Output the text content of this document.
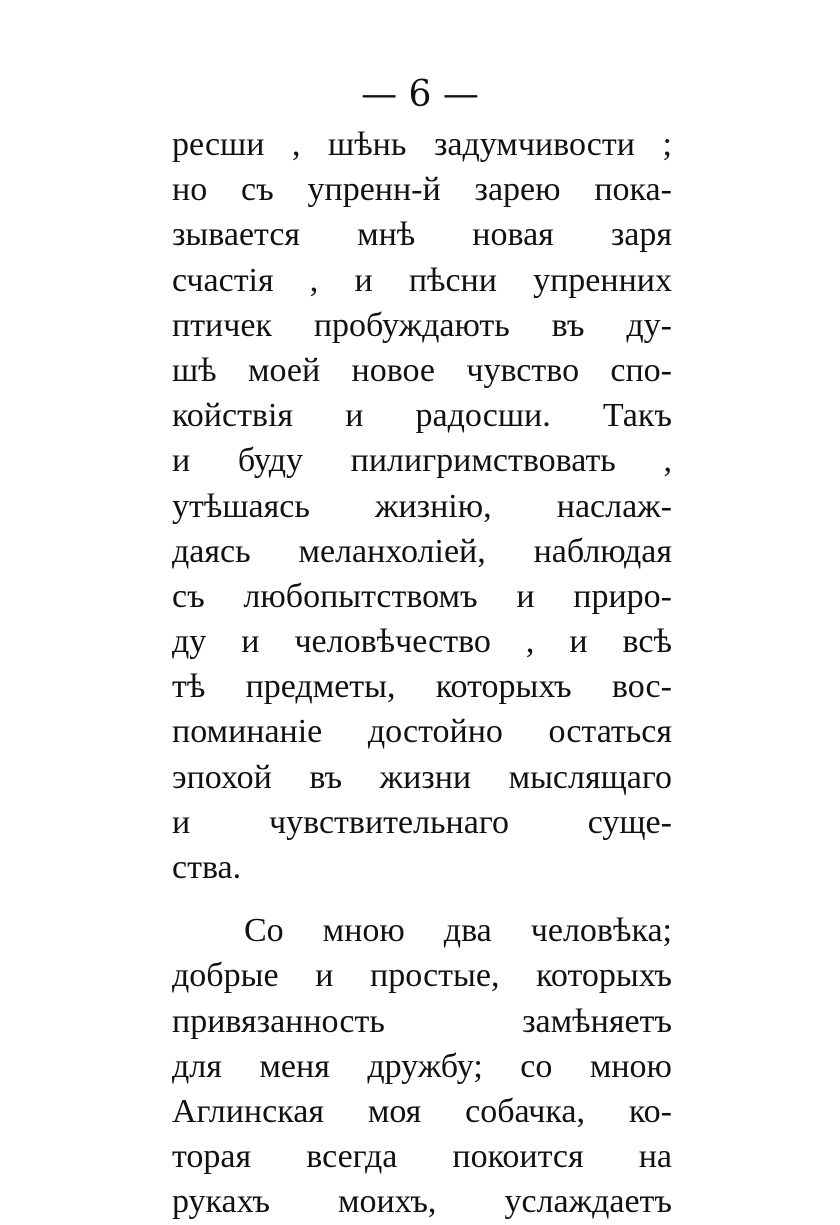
— 6 —
ресши , шѣнь задумчивости ;
но съ упренн-й зарею пока-
зывается мнѣ новая заря
счастія , и пѣсни упренних
птичек пробуждають въ ду-
шѣ моей новое чувство спо-
койствія и радосши. Такъ
и буду пилигримствовать ,
утѣшаясь жизнію, наслаж-
даясь меланхоліей, наблюдая
съ любопытствомъ и приро-
ду и человѣчество , и всѣ
тѣ предметы, которыхъ вос-
поминаніе достойно остаться
эпохой въ жизни мыслящаго
и чувствительнаго суще-
ства.
Со мною два человѣка;
добрые и простые, которыхъ
привязанность	замѣняетъ
для меня дружбу; со мною
Аглинская моя собачка, ко-
торая всегда покоится на
рукахъ моихъ, услаждаетъ
